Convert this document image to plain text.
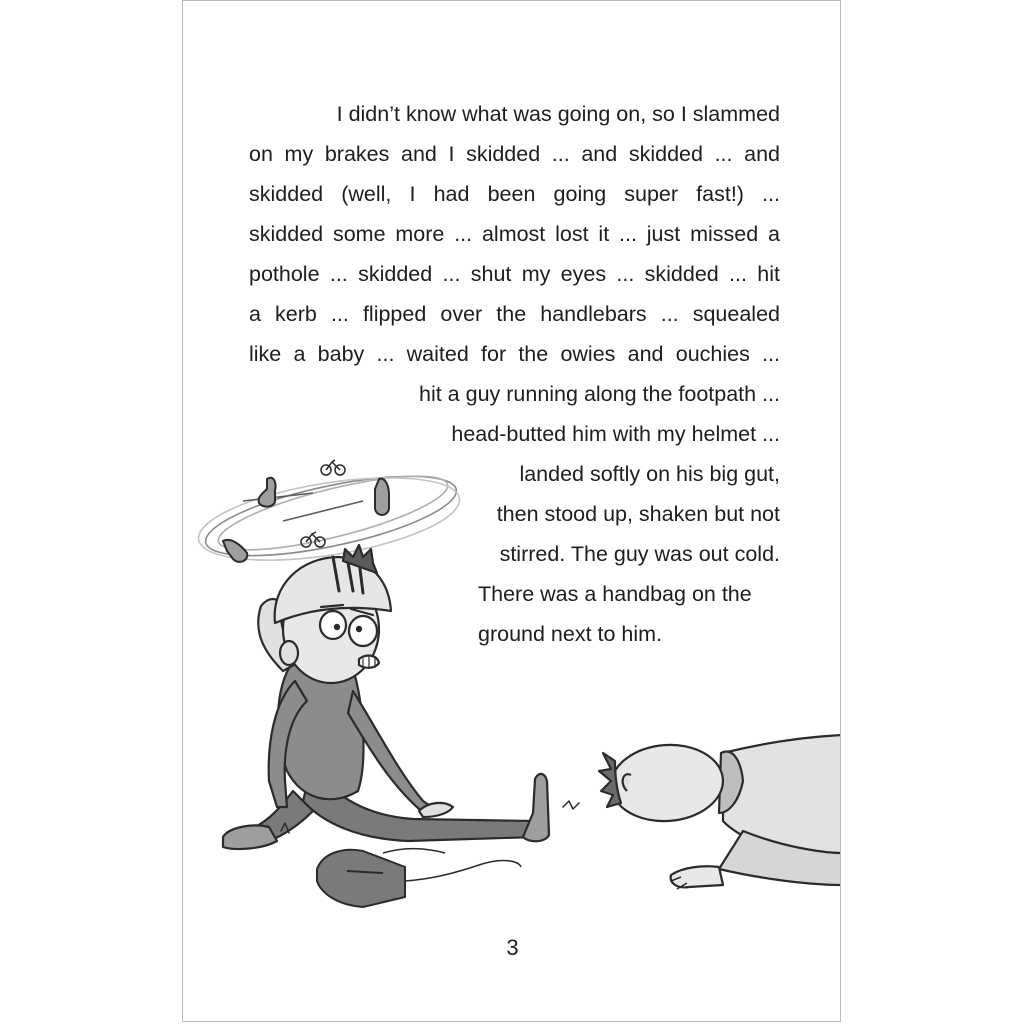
I didn’t know what was going on, so I slammed
on my brakes and I skidded ... and skidded ... and
skidded (well, I had been going super fast!) ...
skidded some more ... almost lost it ... just missed a
pothole ... skidded ... shut my eyes ... skidded ... hit
a kerb ... flipped over the handlebars ... squealed
like a baby ... waited for the owies and ouchies ...
hit a guy running along the footpath ...
head-butted him with my helmet ...
landed softly on his big gut,
then stood up, shaken but not
stirred. The guy was out cold.
There was a handbag on the
ground next to him.
3
